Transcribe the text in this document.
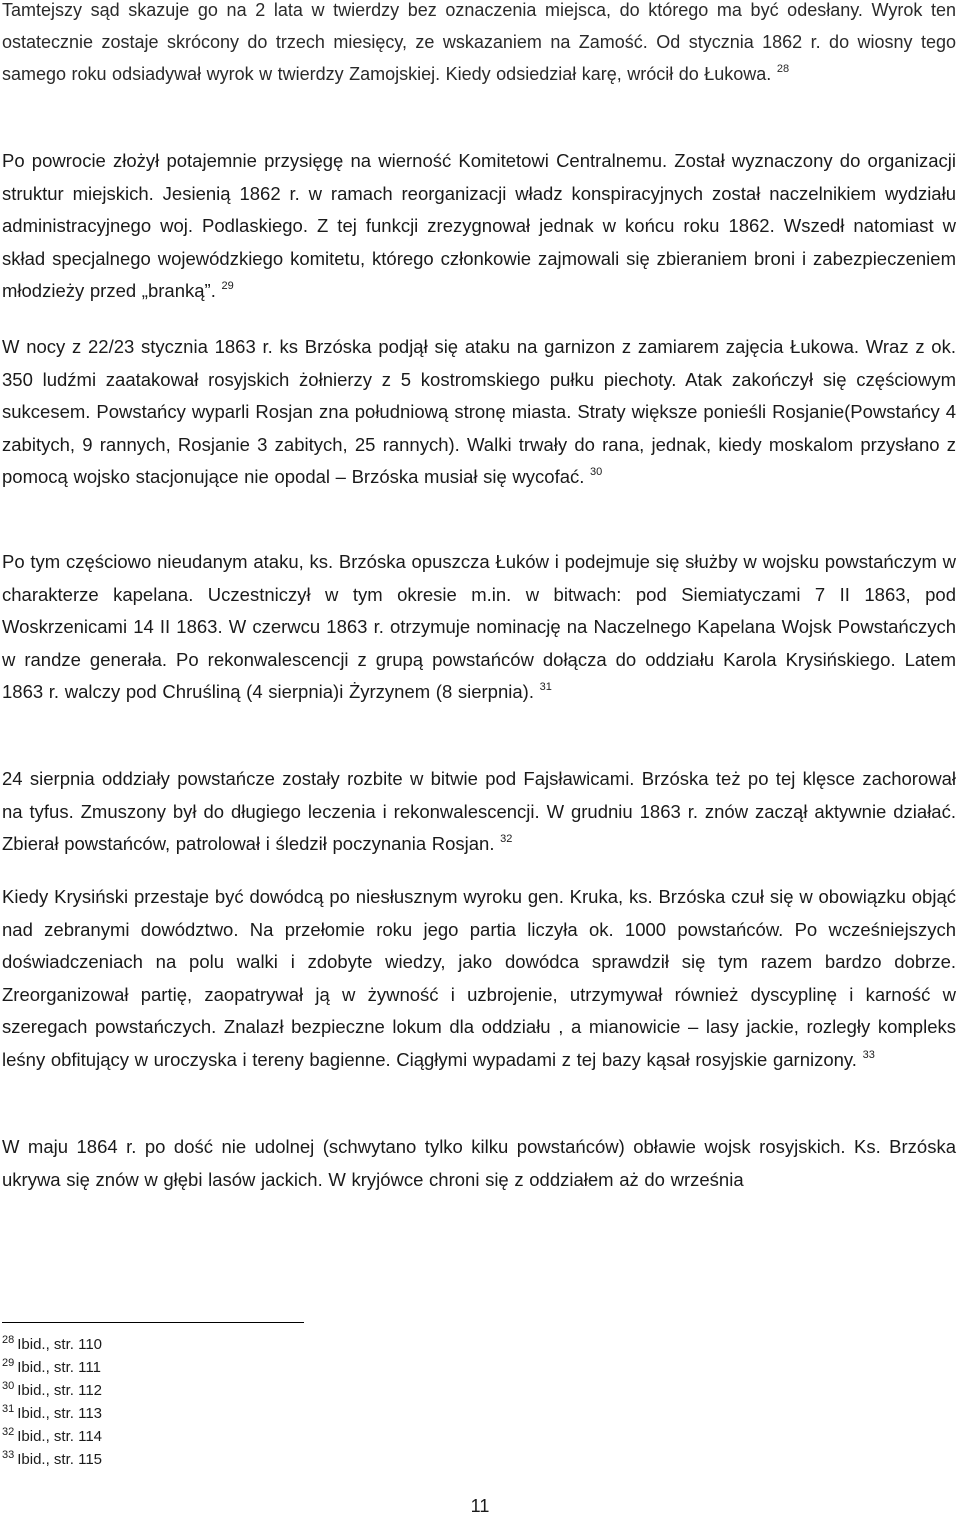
Tamtejszy sąd skazuje go na 2 lata w twierdzy bez oznaczenia miejsca, do którego ma być odesłany. Wyrok ten ostatecznie zostaje skrócony do trzech miesięcy, ze wskazaniem na Zamość. Od stycznia 1862 r. do wiosny tego samego roku odsiadywał wyrok w twierdzy Zamojskiej. Kiedy odsiedział karę, wrócił do Łukowa. $^{28}$

Po powrocie złożył potajemnie przysięgę na wierność Komitetowi Centralnemu. Został wyznaczony do organizacji struktur miejskich. Jesienią 1862 r. w ramach reorganizacji władz konspiracyjnych został naczelnikiem wydziału administracyjnego woj. Podlaskiego. Z tej funkcji zrezygnował jednak w końcu roku 1862. Wszedł natomiast w skład specjalnego wojewódzkiego komitetu, którego członkowie zajmowali się zbieraniem broni i zabezpieczeniem młodzieży przed „branką”. $^{29}$

W nocy z 22/23 stycznia 1863 r. ks Brzóska podjął się ataku na garnizon z zamiarem zajęcia Łukowa. Wraz z ok. 350 ludźmi zaatakował rosyjskich żołnierzy z 5 kostromskiego pułku piechoty. Atak zakończył się częściowym sukcesem. Powstańcy wyparli Rosjan zna południową stronę miasta. Straty większe ponieśli Rosjanie(Powstańcy 4 zabitych, 9 rannych, Rosjanie 3 zabitych, 25 rannych). Walki trwały do rana, jednak, kiedy moskalom przysłano z pomocą wojsko stacjonujące nie opodal – Brzóska musiał się wycofać. $^{30}$

Po tym częściowo nieudanym ataku, ks. Brzóska opuszcza Łuków i podejmuje się służby w wojsku powstańczym w charakterze kapelana. Uczestniczył w tym okresie m.in. w bitwach: pod Siemiatyczami 7 II 1863, pod Woskrzenicami 14 II 1863. W czerwcu 1863 r. otrzymuje nominację na Naczelnego Kapelana Wojsk Powstańczych w randze generała. Po rekonwalescencji z grupą powstańców dołącza do oddziału Karola Krysińskiego. Latem 1863 r. walczy pod Chruśliną (4 sierpnia)i Żyrzynem (8 sierpnia). $^{31}$

24 sierpnia oddziały powstańcze zostały rozbite w bitwie pod Fajsławicami. Brzóska też po tej klęsce zachorował na tyfus. Zmuszony był do długiego leczenia i rekonwalescencji. W grudniu 1863 r. znów zaczął aktywnie działać. Zbierał powstańców, patrolował i śledził poczynania Rosjan. $^{32}$

Kiedy Krysiński przestaje być dowódcą po niesłusznym wyroku gen. Kruka, ks. Brzóska czuł się w obowiązku objąć nad zebranymi dowództwo. Na przełomie roku jego partia liczyła ok. 1000 powstańców. Po wcześniejszych doświadczeniach na polu walki i zdobyte wiedzy, jako dowódca sprawdził się tym razem bardzo dobrze. Zreorganizował partię, zaopatrywał ją w żywność i uzbrojenie, utrzymywał również dyscyplinę i karność w szeregach powstańczych. Znalazł bezpieczne lokum dla oddziału , a mianowicie – lasy jackie, rozległy kompleks leśny obfitujący w uroczyska i tereny bagienne. Ciągłymi wypadami z tej bazy kąsał rosyjskie garnizony. $^{33}$

W maju 1864 r. po dość nie udolnej (schwytano tylko kilku powstańców) obławie wojsk rosyjskich. Ks. Brzóska ukrywa się znów w głębi lasów jackich. W kryjówce chroni się z oddziałem aż do września

$^{28}$ Ibid., str. 110
$^{29}$ Ibid., str. 111
$^{30}$ Ibid., str. 112
$^{31}$ Ibid., str. 113
$^{32}$ Ibid., str. 114
$^{33}$ Ibid., str. 115
11
